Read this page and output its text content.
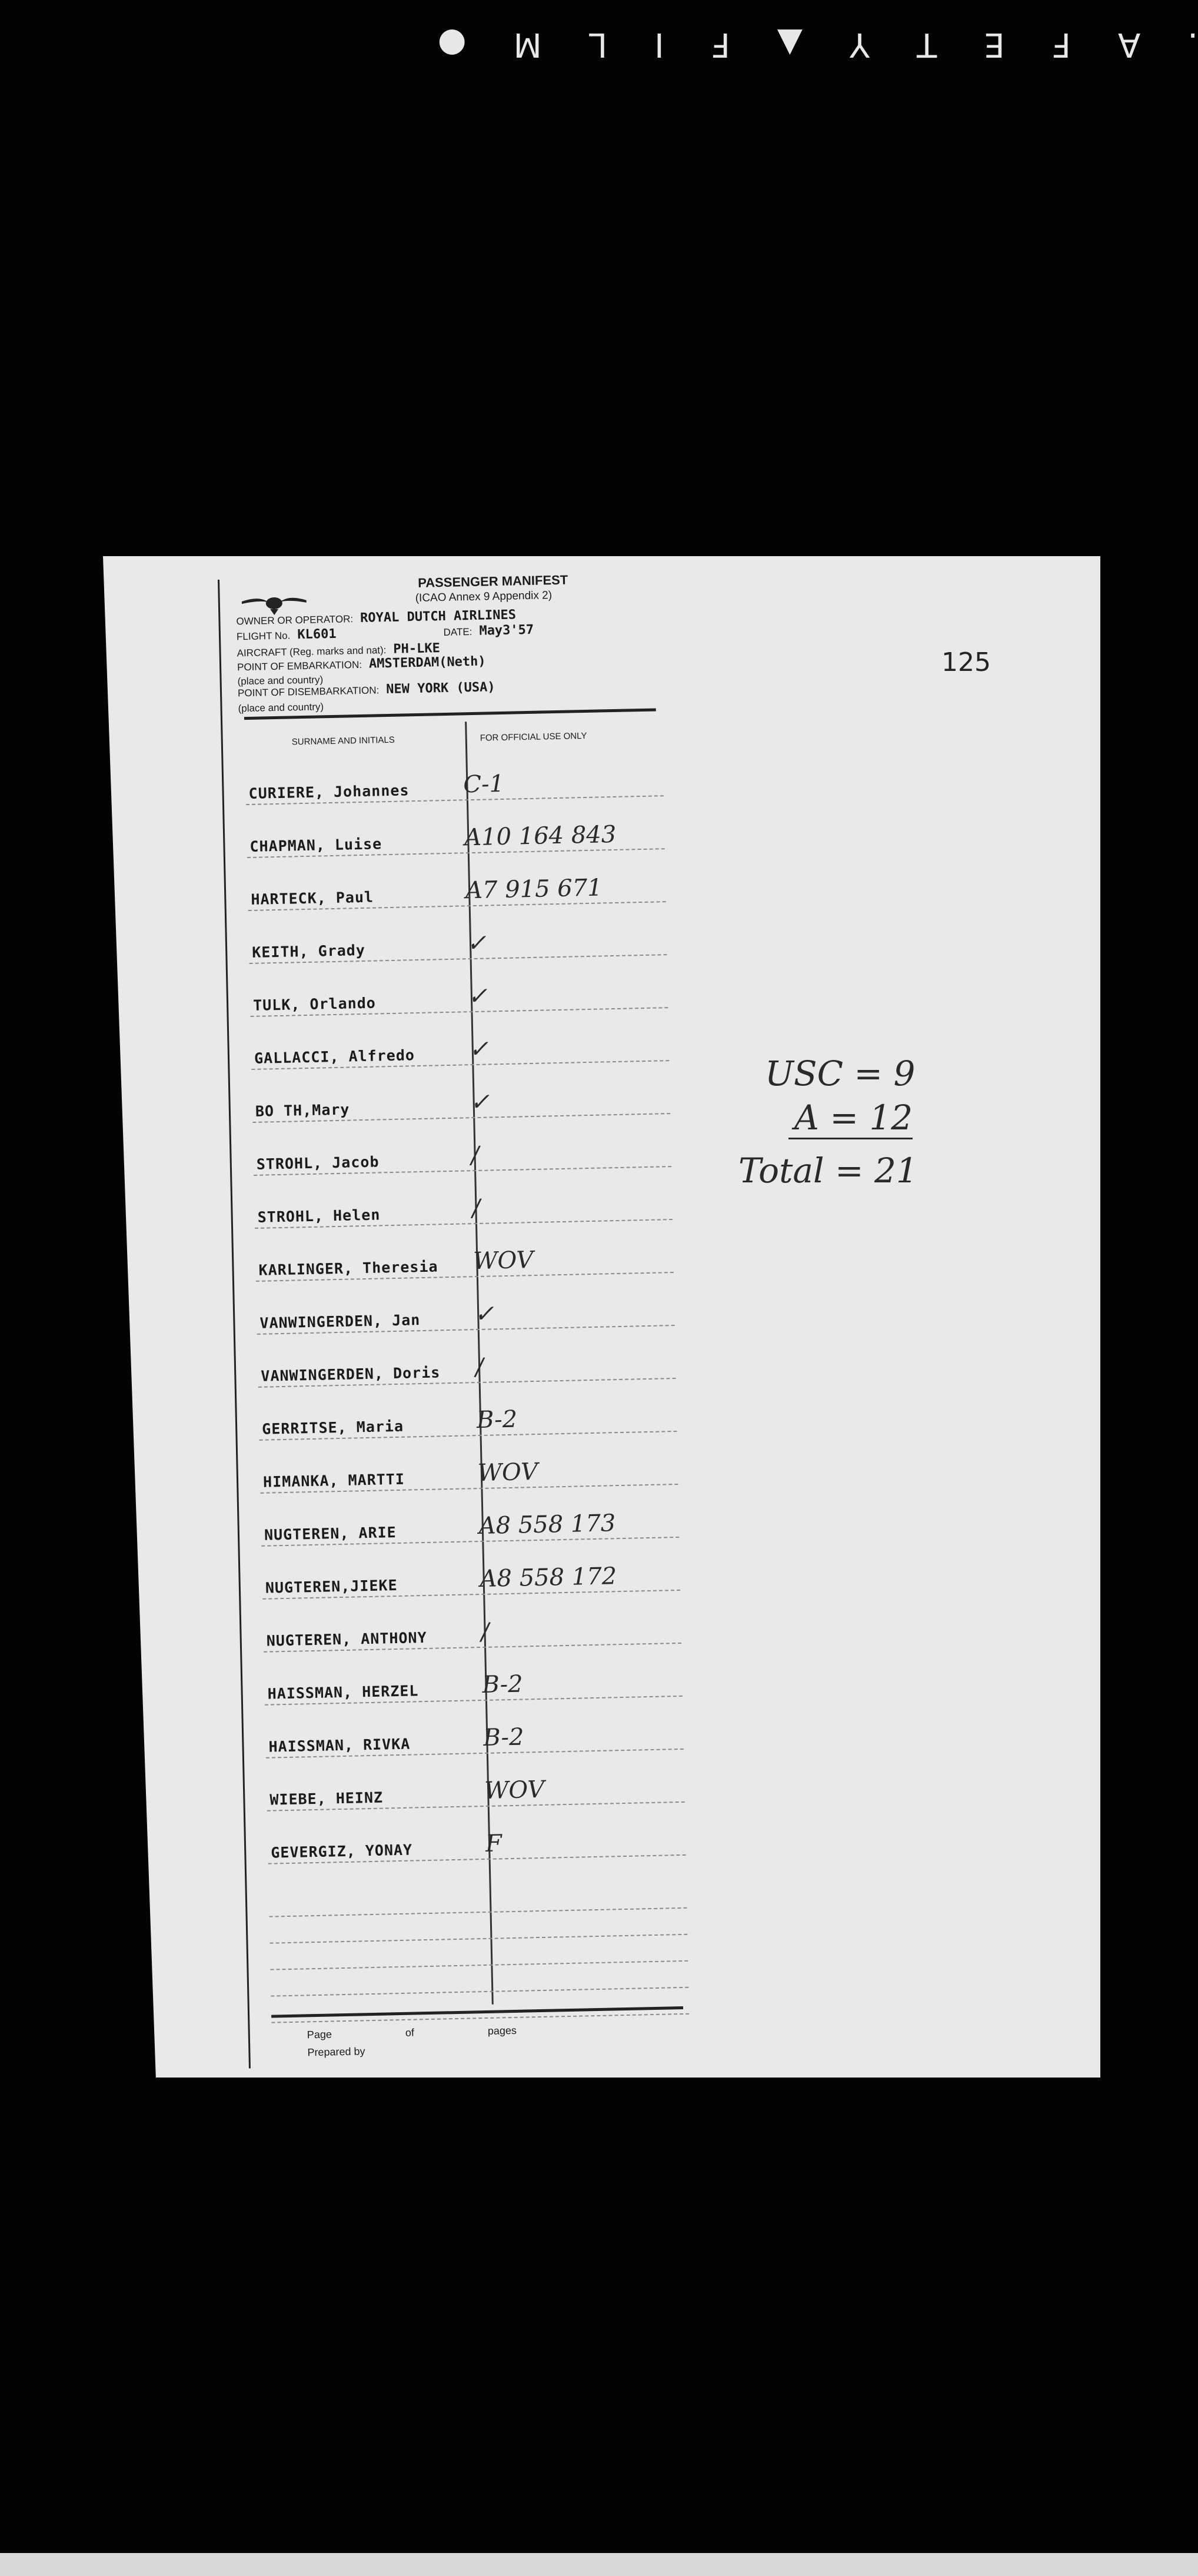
.AFETY▲FILM●
125
PASSENGER MANIFEST
(ICAO Annex 9 Appendix 2)
OWNER OR OPERATOR: ROYAL DUTCH AIRLINES
FLIGHT No. KL601	DATE: May3'57
AIRCRAFT (Reg. marks and nat): PH-LKE
POINT OF EMBARKATION: AMSTERDAM(Neth)
(place and country)
POINT OF DISEMBARKATION: NEW YORK (USA)
(place and country)
SURNAME AND INITIALS	FOR OFFICIAL USE ONLY
CURIERE, Johannes C-1
CHAPMAN, Luise	A10 164 843
HARTECK, Paul	A7 915 671
KEITH, Grady	✓
TULK, Orlando	✓
GALLACCI, Alfredo ✓
BO TH,Mary	✓
STROHL, Jacob	/
STROHL, Helen	/
KARLINGER, Theresia WOV
VANWINGERDEN, Jan ✓
VANWINGERDEN, Doris /
GERRITSE, Maria	B-2
HIMANKA, MARTTI	WOV
NUGTEREN, ARIE	A8 558 173
NUGTEREN,JIEKE	A8 558 172
NUGTEREN, ANTHONY /
HAISSMAN, HERZEL	B-2
HAISSMAN, RIVKA	B-2
WIEBE, HEINZ	WOV
GEVERGIZ, YONAY	F
Page	of	pages
Prepared by
USC = 9
A = 12
Total = 21
